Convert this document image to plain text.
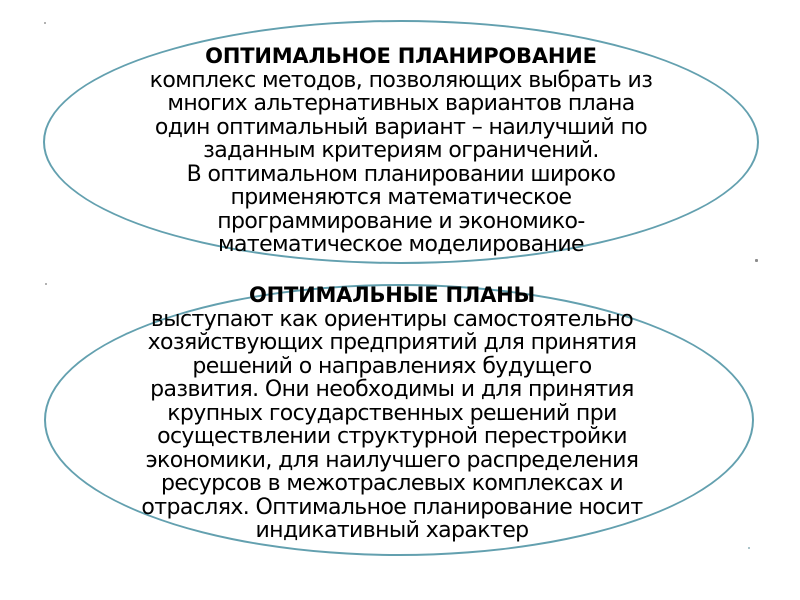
ОПТИМАЛЬНОЕ ПЛАНИРОВАНИЕ
комплекс методов, позволяющих выбрать из
многих альтернативных вариантов плана
один оптимальный вариант – наилучший по
заданным критериям ограничений.
В оптимальном планировании широко
применяются математическое
программирование и экономико-
математическое моделирование
ОПТИМАЛЬНЫЕ ПЛАНЫ
выступают как ориентиры самостоятельно
хозяйствующих предприятий для принятия
решений о направлениях будущего
развития. Они необходимы и для принятия
крупных государственных решений при
осуществлении структурной перестройки
экономики, для наилучшего распределения
ресурсов в межотраслевых комплексах и
отраслях. Оптимальное планирование носит
индикативный характер
